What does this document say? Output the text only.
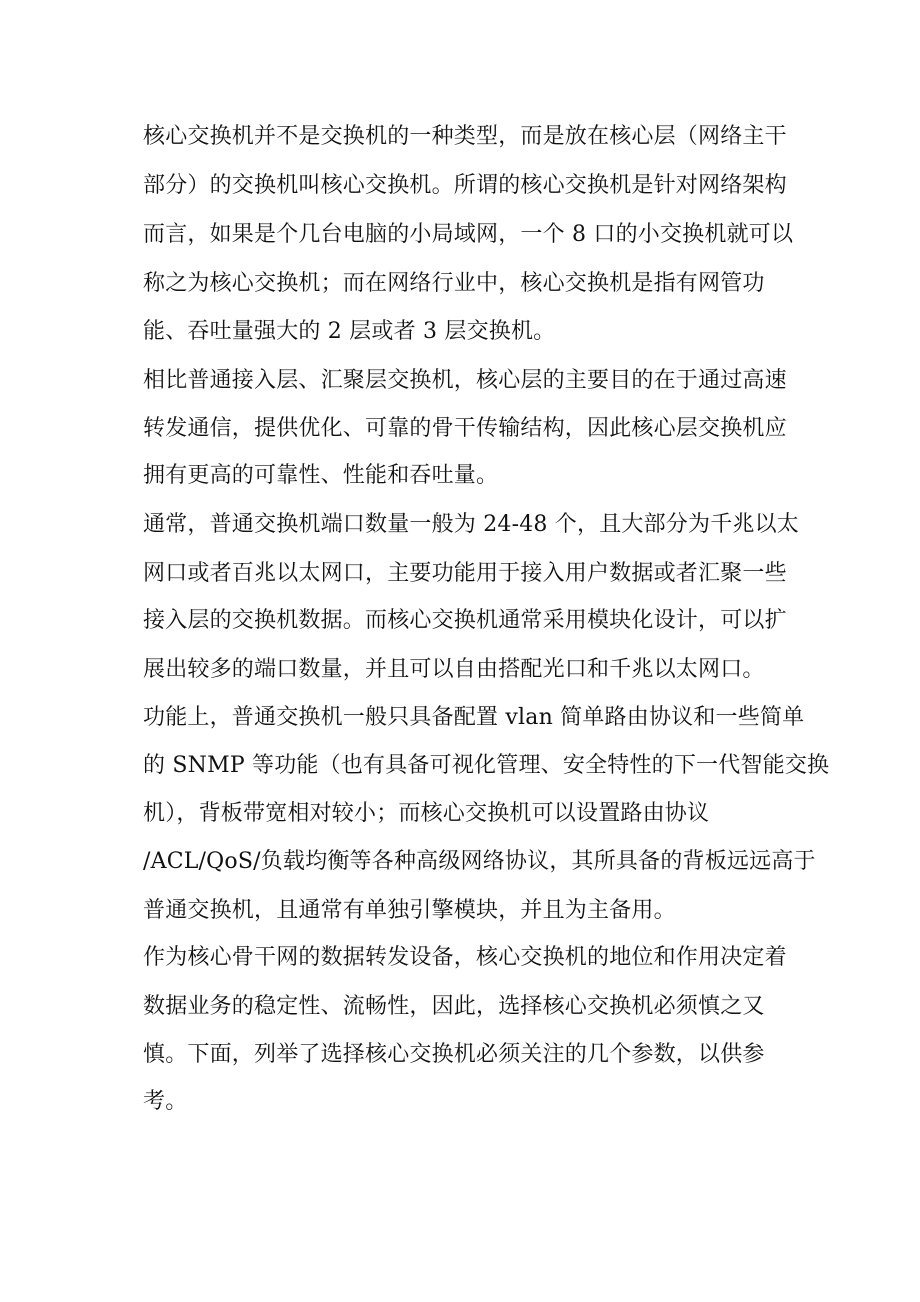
核心交换机并不是交换机的一种类型，而是放在核心层（网络主干
部分）的交换机叫核心交换机。所谓的核心交换机是针对网络架构
而言，如果是个几台电脑的小局域网，一个 8 口的小交换机就可以
称之为核心交换机；而在网络行业中，核心交换机是指有网管功
能、吞吐量强大的 2 层或者 3 层交换机。
相比普通接入层、汇聚层交换机，核心层的主要目的在于通过高速
转发通信，提供优化、可靠的骨干传输结构，因此核心层交换机应
拥有更高的可靠性、性能和吞吐量。
通常，普通交换机端口数量一般为 24-48 个，且大部分为千兆以太
网口或者百兆以太网口，主要功能用于接入用户数据或者汇聚一些
接入层的交换机数据。而核心交换机通常采用模块化设计，可以扩
展出较多的端口数量，并且可以自由搭配光口和千兆以太网口。
功能上，普通交换机一般只具备配置 vlan 简单路由协议和一些简单
的 SNMP 等功能（也有具备可视化管理、安全特性的下一代智能交换
机），背板带宽相对较小；而核心交换机可以设置路由协议
/ACL/QoS/负载均衡等各种高级网络协议，其所具备的背板远远高于
普通交换机，且通常有单独引擎模块，并且为主备用。
作为核心骨干网的数据转发设备，核心交换机的地位和作用决定着
数据业务的稳定性、流畅性，因此，选择核心交换机必须慎之又
慎。下面，列举了选择核心交换机必须关注的几个参数，以供参
考。
